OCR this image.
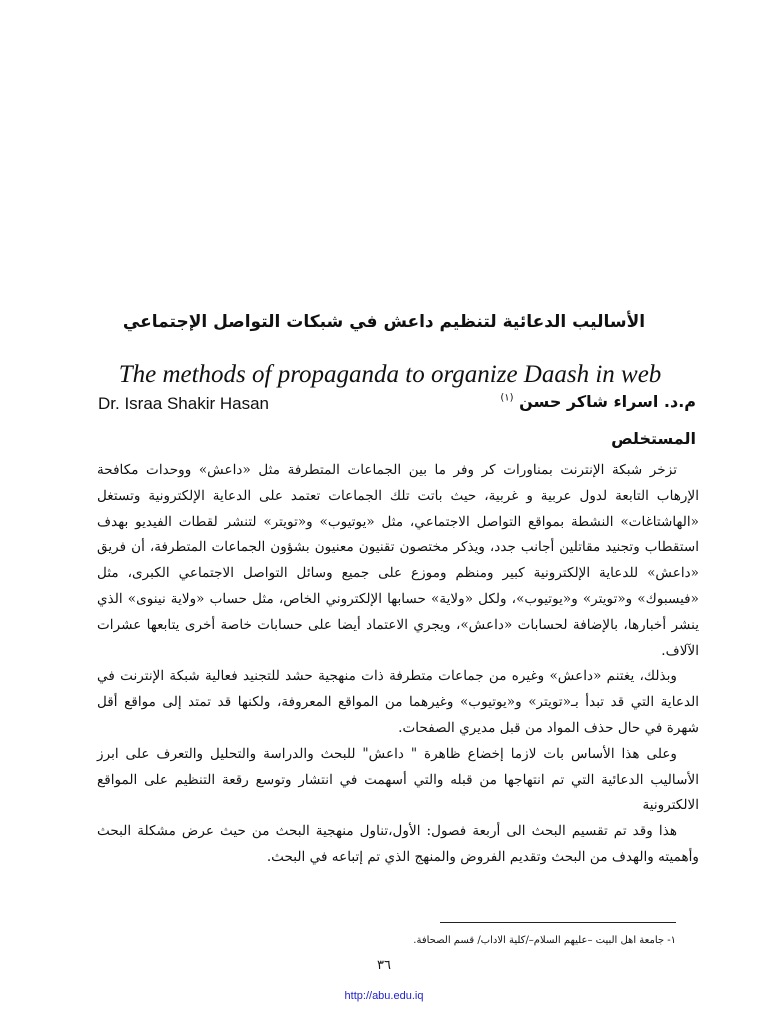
الأساليب الدعائية لتنظيم داعش في شبكات التواصل الإجتماعي
The methods of propaganda to organize Daash in web
Dr. Israa Shakir Hasan	م.د. اسراء شاكر حسن $^{(١)}$
المستخلص

تزخر شبكة الإنترنت بمناورات كر وفر ما بين الجماعات المتطرفة مثل «داعش» ووحدات مكافحة الإرهاب التابعة لدول عربية و غربية، حيث باتت تلك الجماعات تعتمد على الدعاية الإلكترونية وتستغل «الهاشتاغات» النشطة بمواقع التواصل الاجتماعي، مثل «يوتيوب» و«تويتر» لتنشر لقطات الفيديو بهدف استقطاب وتجنيد مقاتلين أجانب جدد، ويذكر مختصون تقنيون معنيون بشؤون الجماعات المتطرفة، أن فريق «داعش» للدعاية الإلكترونية كبير ومنظم وموزع على جميع وسائل التواصل الاجتماعي الكبرى، مثل «فيسبوك» و«تويتر» و«يوتيوب»، ولكل «ولاية» حسابها الإلكتروني الخاص، مثل حساب «ولاية نينوى» الذي ينشر أخبارها، بالإضافة لحسابات «داعش»، ويجري الاعتماد أيضا على حسابات خاصة أخرى يتابعها عشرات الآلاف.

وبذلك، يغتنم «داعش» وغيره من جماعات متطرفة ذات منهجية حشد للتجنيد فعالية شبكة الإنترنت في الدعاية التي قد تبدأ بـ«تويتر» و«يوتيوب» وغيرهما من المواقع المعروفة، ولكنها قد تمتد إلى مواقع أقل شهرة في حال حذف المواد من قبل مديري الصفحات.

وعلى هذا الأساس بات لازما إخضاع ظاهرة " داعش" للبحث والدراسة والتحليل والتعرف على ابرز الأساليب الدعائية التي تم انتهاجها من قبله والتي أسهمت في انتشار وتوسع رقعة التنظيم على المواقع الالكترونية

هذا وقد تم تقسيم البحث الى أربعة فصول: الأول،تناول منهجية البحث من حيث عرض مشكلة البحث وأهميته والهدف من البحث وتقديم الفروض والمنهج الذي تم إتباعه في البحث.

١- جامعة اهل البيت –عليهم السلام–/كلية الاداب/ قسم الصحافة.
٣٦
http://abu.edu.iq
